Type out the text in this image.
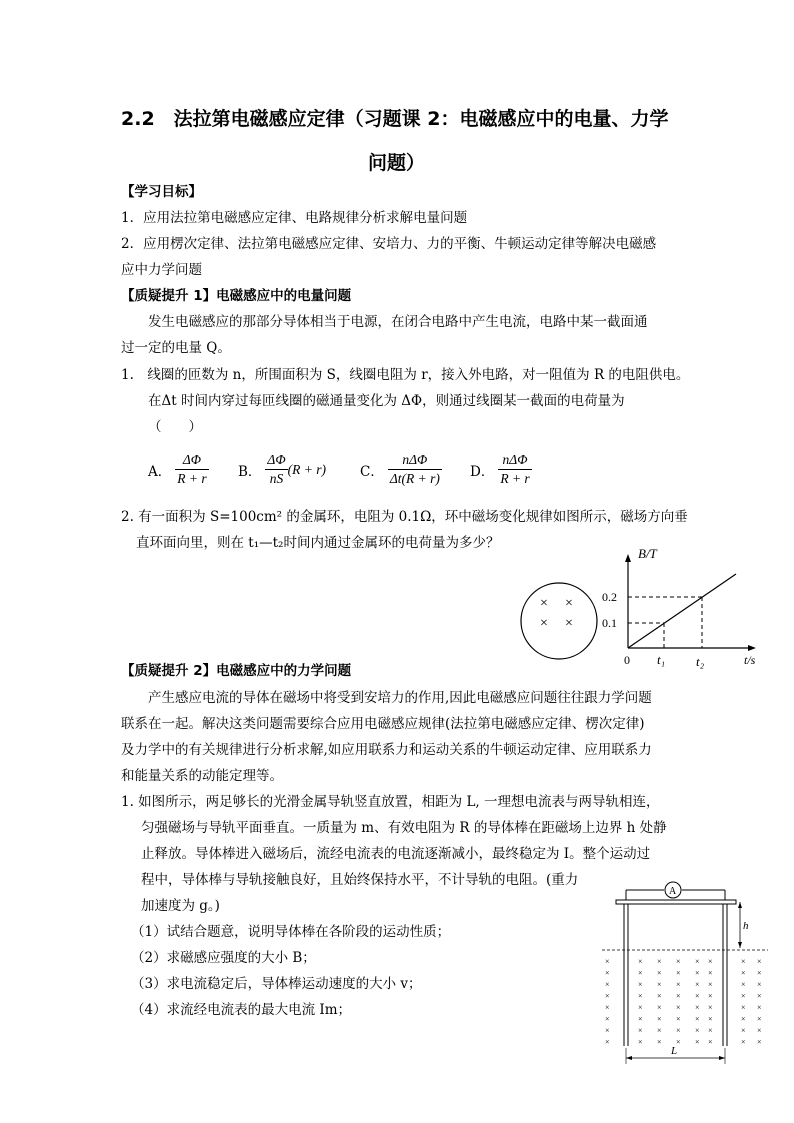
2.2　法拉第电磁感应定律（习题课 2：电磁感应中的电量、力学
问题）
【学习目标】
1．应用法拉第电磁感应定律、电路规律分析求解电量问题
2．应用楞次定律、法拉第电磁感应定律、安培力、力的平衡、牛顿运动定律等解决电磁感
应中力学问题
【质疑提升 1】电磁感应中的电量问题
发生电磁感应的那部分导体相当于电源，在闭合电路中产生电流，电路中某一截面通
过一定的电量 Q。
1.　线圈的匝数为 n，所围面积为 S，线圈电阻为 r，接入外电路，对一阻值为 R 的电阻供电。
在Δt 时间内穿过每匝线圈的磁通量变化为 ΔΦ，则通过线圈某一截面的电荷量为
（　　）
A． $\frac{\Delta\Phi}{R + r}$ B． $\frac{\Delta\Phi}{nS} (R + r)$	C． $\frac{\text{nΔΦ}}{\Delta t(R + r)}$ D． $\frac{\text{nΔΦ}}{R + r}$
2. 有一面积为 S=100cm² 的金属环，电阻为 0.1Ω，环中磁场变化规律如图所示，磁场方向垂
直环面向里，则在 t₁—t₂时间内通过金属环的电荷量为多少？
× ×
× ×
B/T
0.2
0.1
0 t₁ t₂	t/s
【质疑提升 2】电磁感应中的力学问题
产生感应电流的导体在磁场中将受到安培力的作用,因此电磁感应问题往往跟力学问题
联系在一起。解决这类问题需要综合应用电磁感应规律(法拉第电磁感应定律、楞次定律)
及力学中的有关规律进行分析求解,如应用联系力和运动关系的牛顿运动定律、应用联系力
和能量关系的动能定理等。
1. 如图所示，两足够长的光滑金属导轨竖直放置，相距为 L, 一理想电流表与两导轨相连，
匀强磁场与导轨平面垂直。一质量为 m、有效电阻为 R 的导体棒在距磁场上边界 h 处静
止释放。导体棒进入磁场后，流经电流表的电流逐渐减小，最终稳定为 I。整个运动过
程中，导体棒与导轨接触良好，且始终保持水平，不计导轨的电阻。(重力
加速度为 g。)
（1）试结合题意，说明导体棒在各阶段的运动性质；
（2）求磁感应强度的大小 B；
（3）求电流稳定后，导体棒运动速度的大小 v；
（4）求流经电流表的最大电流 Im；
A
h
×	× × × × ×	× ×
×	× × × × ×	× ×
×	× × × × ×	× ×
×	× × × × ×	× ×
×	× × × × ×	× ×
×	× × × × ×	× ×
×	× × × × ×	× ×
×	× × × × ×	× ×
L
